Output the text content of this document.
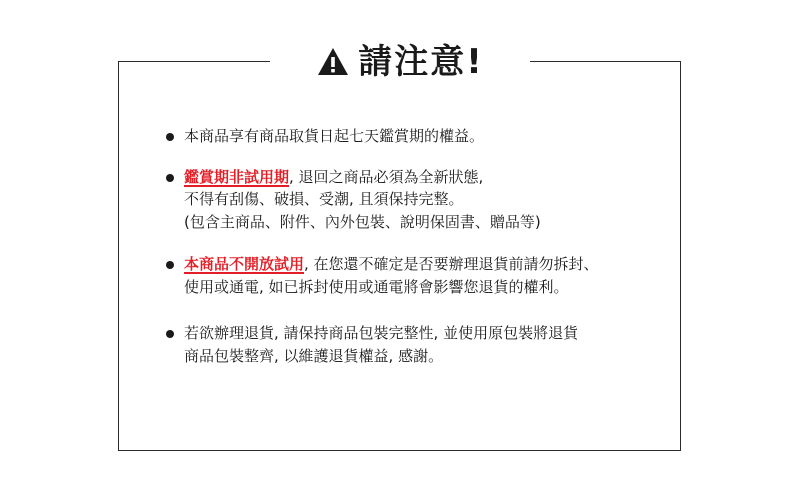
請注意!
本商品享有商品取貨日起七天鑑賞期的權益。
鑑賞期非試用期, 退回之商品必須為全新狀態,
不得有刮傷、破損、受潮, 且須保持完整。
(包含主商品、附件、內外包裝、說明保固書、贈品等)
本商品不開放試用, 在您還不確定是否要辦理退貨前請勿拆封、
使用或通電, 如已拆封使用或通電將會影響您退貨的權利。
若欲辦理退貨, 請保持商品包裝完整性, 並使用原包裝將退貨
商品包裝整齊, 以維護退貨權益, 感謝。
